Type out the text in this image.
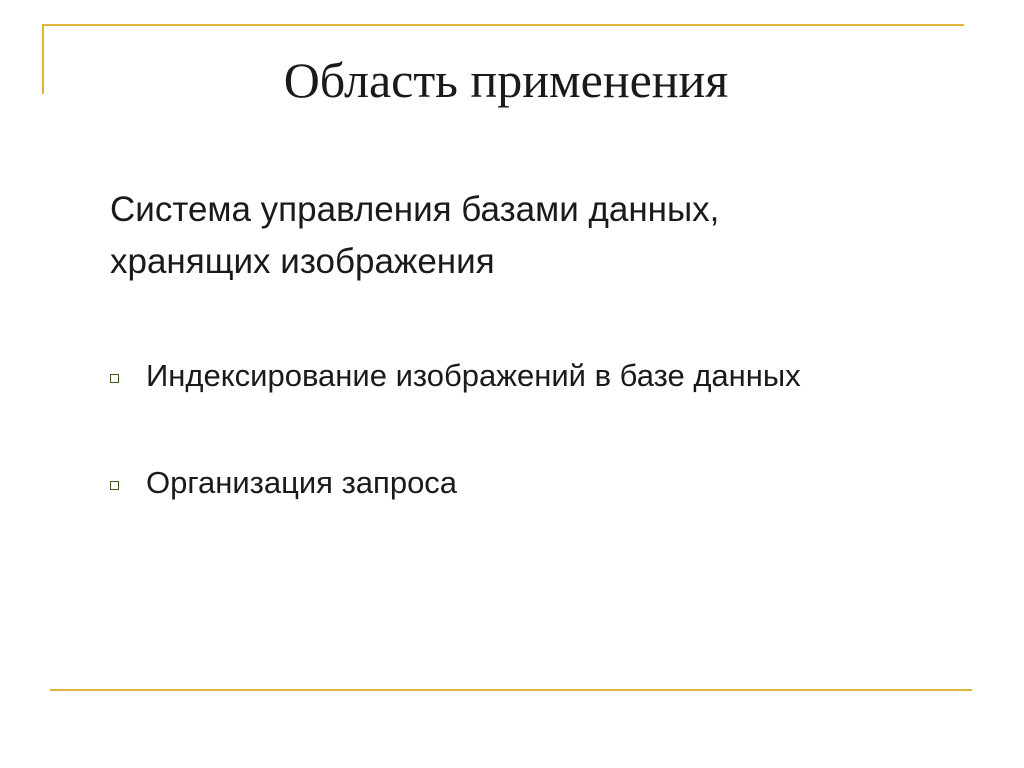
Область применения
Система управления базами данных,
хранящих изображения
Индексирование изображений в базе данных
Организация запроса
